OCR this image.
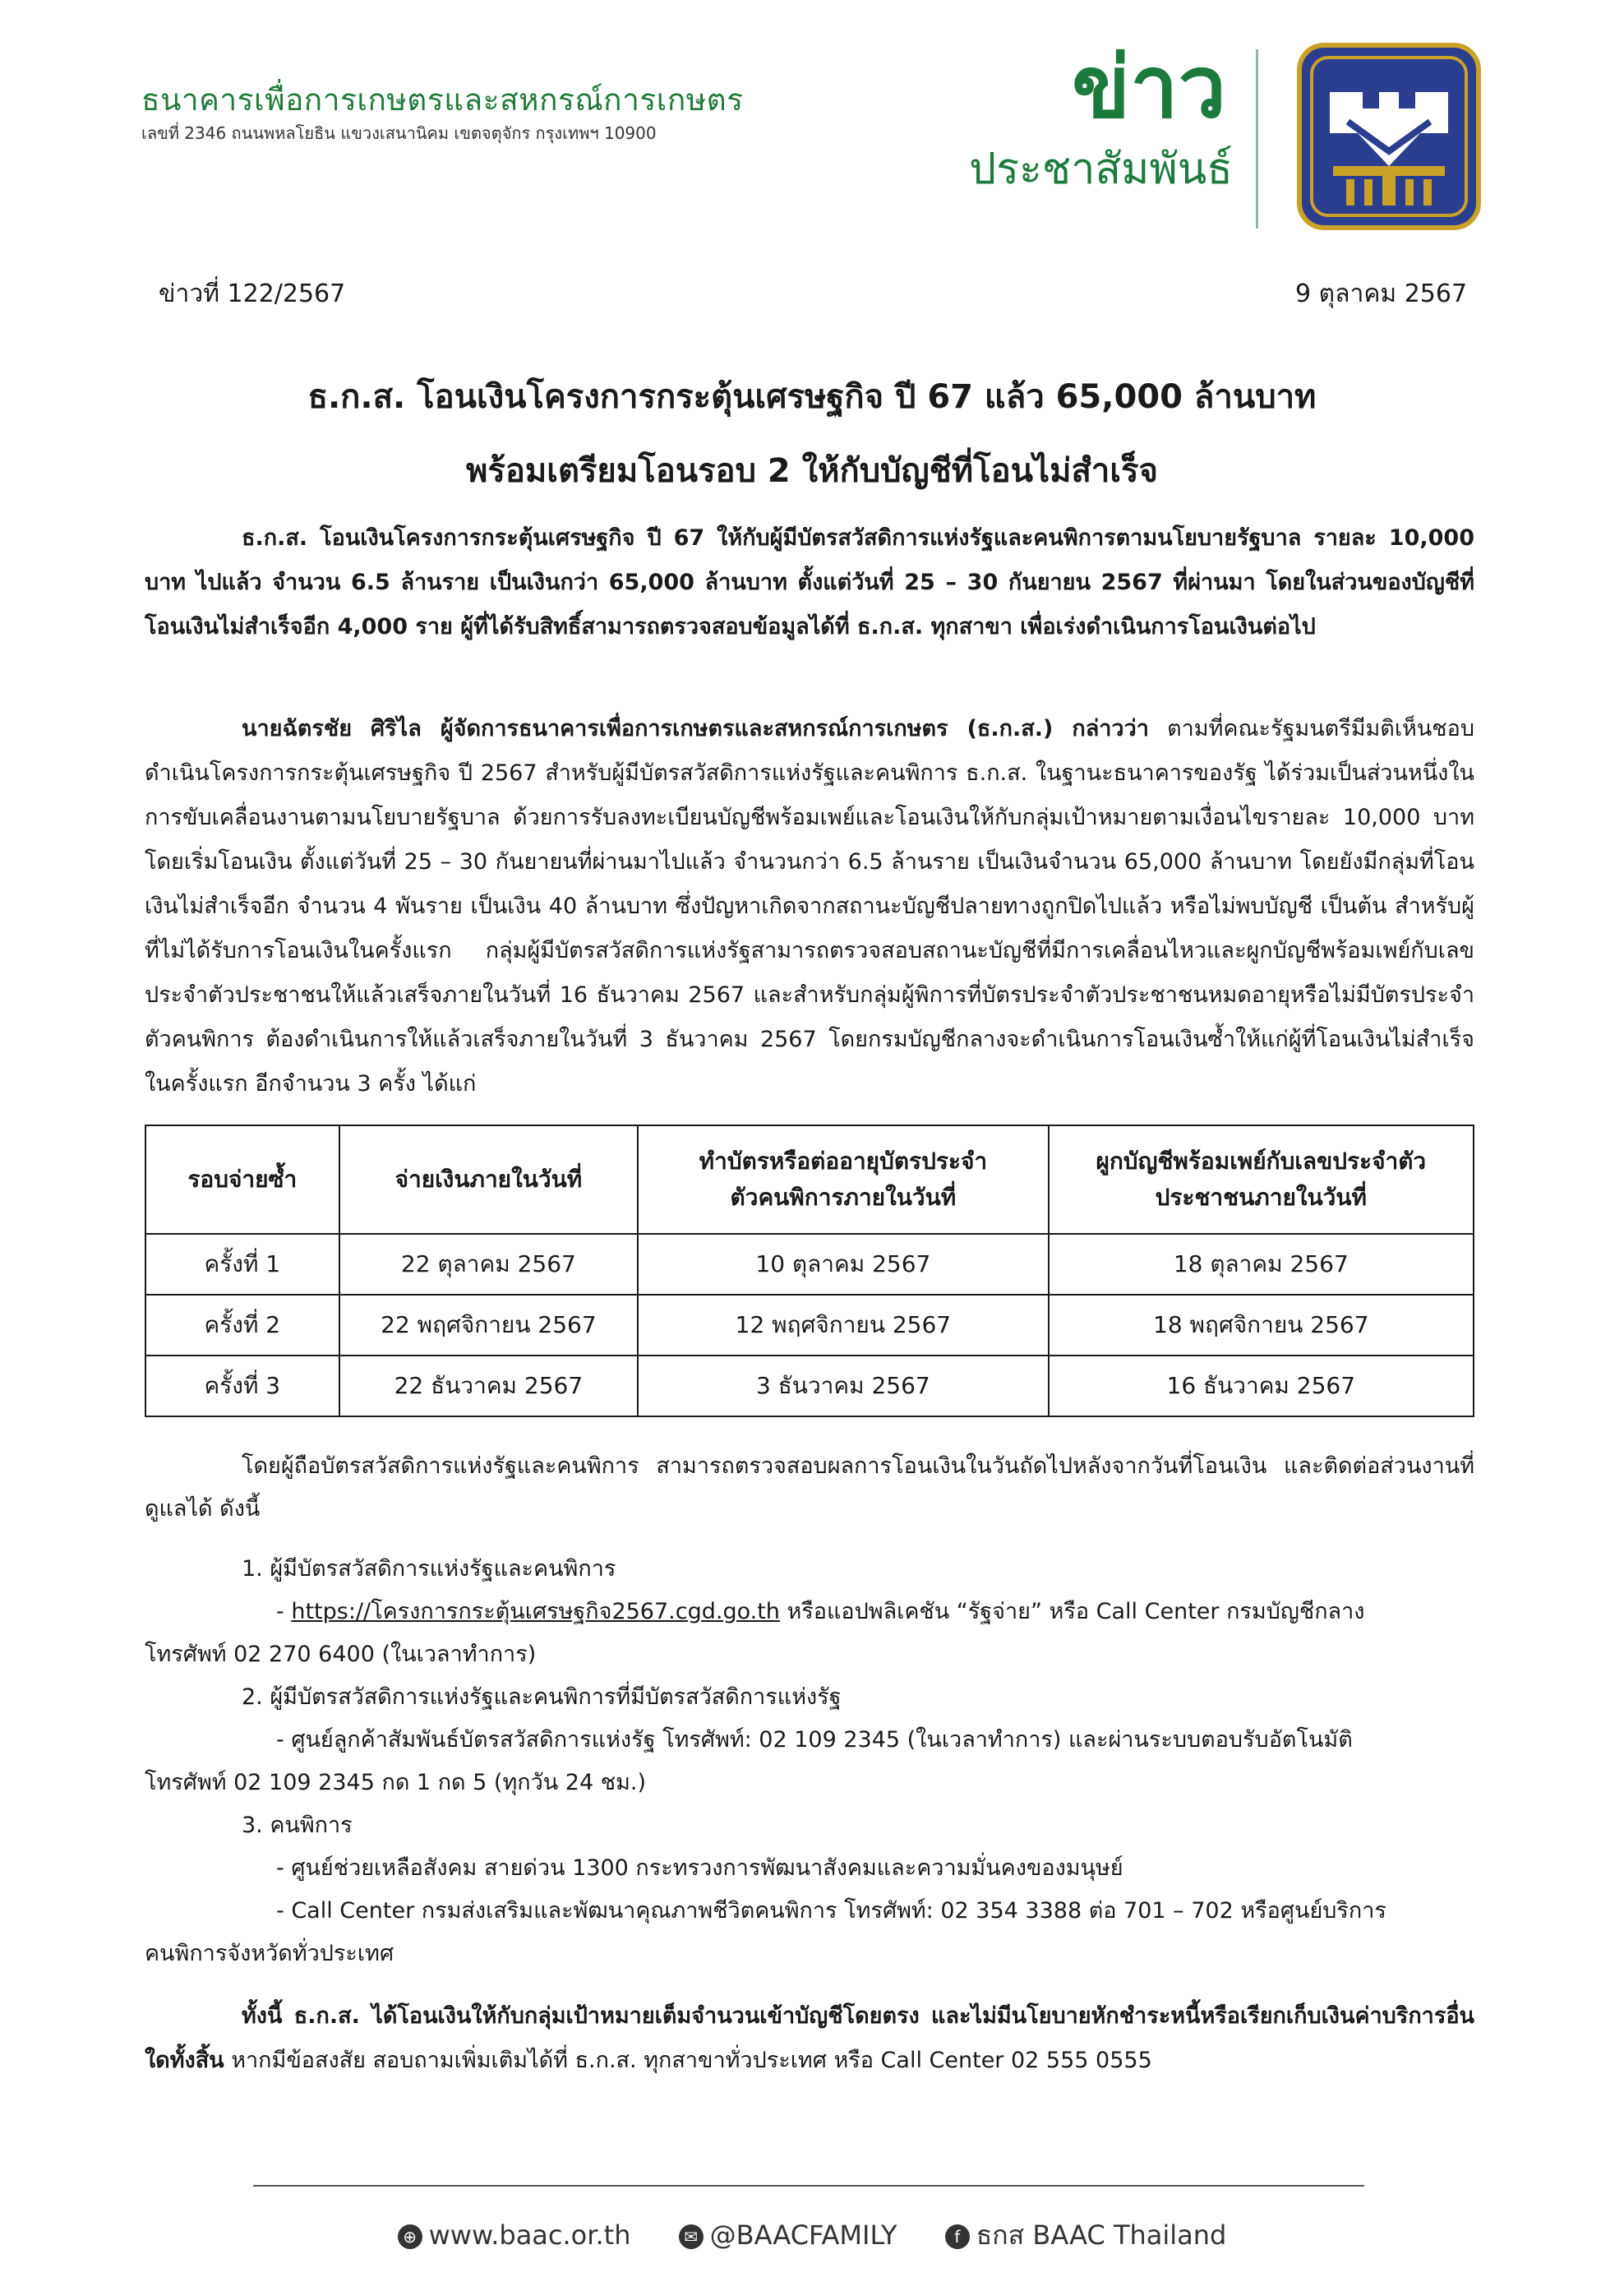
ธนาคารเพื่อการเกษตรและสหกรณ์การเกษตร
เลขที่ 2346 ถนนพหลโยธิน แขวงเสนานิคม เขตจตุจักร กรุงเทพฯ 10900	ข่าว
ประชาสัมพันธ์
ข่าวที่ 122/2567	9 ตุลาคม 2567
ธ.ก.ส. โอนเงินโครงการกระตุ้นเศรษฐกิจ ปี 67 แล้ว 65,000 ล้านบาท
พร้อมเตรียมโอนรอบ 2 ให้กับบัญชีที่โอนไม่สำเร็จ

ธ.ก.ส. โอนเงินโครงการกระตุ้นเศรษฐกิจ ปี 67 ให้กับผู้มีบัตรสวัสดิการแห่งรัฐและคนพิการตามนโยบายรัฐบาล รายละ 10,000 บาท ไปแล้ว จำนวน 6.5 ล้านราย เป็นเงินกว่า 65,000 ล้านบาท ตั้งแต่วันที่ 25 – 30 กันยายน 2567 ที่ผ่านมา โดยในส่วนของบัญชีที่โอนเงินไม่สำเร็จอีก 4,000 ราย ผู้ที่ได้รับสิทธิ์สามารถตรวจสอบข้อมูลได้ที่ ธ.ก.ส. ทุกสาขา เพื่อเร่งดำเนินการโอนเงินต่อไป

นายฉัตรชัย ศิริไล ผู้จัดการธนาคารเพื่อการเกษตรและสหกรณ์การเกษตร (ธ.ก.ส.) กล่าวว่า ตามที่คณะรัฐมนตรีมีมติเห็นชอบดำเนินโครงการกระตุ้นเศรษฐกิจ ปี 2567 สำหรับผู้มีบัตรสวัสดิการแห่งรัฐและคนพิการ ธ.ก.ส. ในฐานะธนาคารของรัฐ ได้ร่วมเป็นส่วนหนึ่งในการขับเคลื่อนงานตามนโยบายรัฐบาล ด้วยการรับลงทะเบียนบัญชีพร้อมเพย์และโอนเงินให้กับกลุ่มเป้าหมายตามเงื่อนไขรายละ 10,000 บาท โดยเริ่มโอนเงิน ตั้งแต่วันที่ 25 – 30 กันยายนที่ผ่านมาไปแล้ว จำนวนกว่า 6.5 ล้านราย เป็นเงินจำนวน 65,000 ล้านบาท โดยยังมีกลุ่มที่โอนเงินไม่สำเร็จอีก จำนวน 4 พันราย เป็นเงิน 40 ล้านบาท ซึ่งปัญหาเกิดจากสถานะบัญชีปลายทางถูกปิดไปแล้ว หรือไม่พบบัญชี เป็นต้น สำหรับผู้ที่ไม่ได้รับการโอนเงินในครั้งแรก กลุ่มผู้มีบัตรสวัสดิการแห่งรัฐสามารถตรวจสอบสถานะบัญชีที่มีการเคลื่อนไหวและผูกบัญชีพร้อมเพย์กับเลขประจำตัวประชาชนให้แล้วเสร็จภายในวันที่ 16 ธันวาคม 2567 และสำหรับกลุ่มผู้พิการที่บัตรประจำตัวประชาชนหมดอายุหรือไม่มีบัตรประจำตัวคนพิการ ต้องดำเนินการให้แล้วเสร็จภายในวันที่ 3 ธันวาคม 2567 โดยกรมบัญชีกลางจะดำเนินการโอนเงินซ้ำให้แก่ผู้ที่โอนเงินไม่สำเร็จในครั้งแรก อีกจำนวน 3 ครั้ง ได้แก่

รอบจ่ายซ้ำ	จ่ายเงินภายในวันที่	ทำบัตรหรือต่ออายุบัตรประจำตัวคนพิการภายในวันที่	ผูกบัญชีพร้อมเพย์กับเลขประจำตัวประชาชนภายในวันที่
ครั้งที่ 1	22 ตุลาคม 2567	10 ตุลาคม 2567	18 ตุลาคม 2567
ครั้งที่ 2	22 พฤศจิกายน 2567	12 พฤศจิกายน 2567	18 พฤศจิกายน 2567
ครั้งที่ 3	22 ธันวาคม 2567	3 ธันวาคม 2567	16 ธันวาคม 2567

โดยผู้ถือบัตรสวัสดิการแห่งรัฐและคนพิการ สามารถตรวจสอบผลการโอนเงินในวันถัดไปหลังจากวันที่โอนเงิน และติดต่อส่วนงานที่ดูแลได้ ดังนี้

1. ผู้มีบัตรสวัสดิการแห่งรัฐและคนพิการ
- https://โครงการกระตุ้นเศรษฐกิจ2567.cgd.go.th หรือแอปพลิเคชัน “รัฐจ่าย” หรือ Call Center กรมบัญชีกลาง
โทรศัพท์ 02 270 6400 (ในเวลาทำการ)
2. ผู้มีบัตรสวัสดิการแห่งรัฐและคนพิการที่มีบัตรสวัสดิการแห่งรัฐ
- ศูนย์ลูกค้าสัมพันธ์บัตรสวัสดิการแห่งรัฐ โทรศัพท์: 02 109 2345 (ในเวลาทำการ) และผ่านระบบตอบรับอัตโนมัติ
โทรศัพท์ 02 109 2345 กด 1 กด 5 (ทุกวัน 24 ชม.)
3. คนพิการ
- ศูนย์ช่วยเหลือสังคม สายด่วน 1300 กระทรวงการพัฒนาสังคมและความมั่นคงของมนุษย์
- Call Center กรมส่งเสริมและพัฒนาคุณภาพชีวิตคนพิการ โทรศัพท์: 02 354 3388 ต่อ 701 – 702 หรือศูนย์บริการ
คนพิการจังหวัดทั่วประเทศ

ทั้งนี้ ธ.ก.ส. ได้โอนเงินให้กับกลุ่มเป้าหมายเต็มจำนวนเข้าบัญชีโดยตรง และไม่มีนโยบายหักชำระหนี้หรือเรียกเก็บเงินค่าบริการอื่นใดทั้งสิ้น หากมีข้อสงสัย สอบถามเพิ่มเติมได้ที่ ธ.ก.ส. ทุกสาขาทั่วประเทศ หรือ Call Center 02 555 0555

⊕ www.baac.or.th	✉ @BAACFAMILY	f ธกส BAAC Thailand
